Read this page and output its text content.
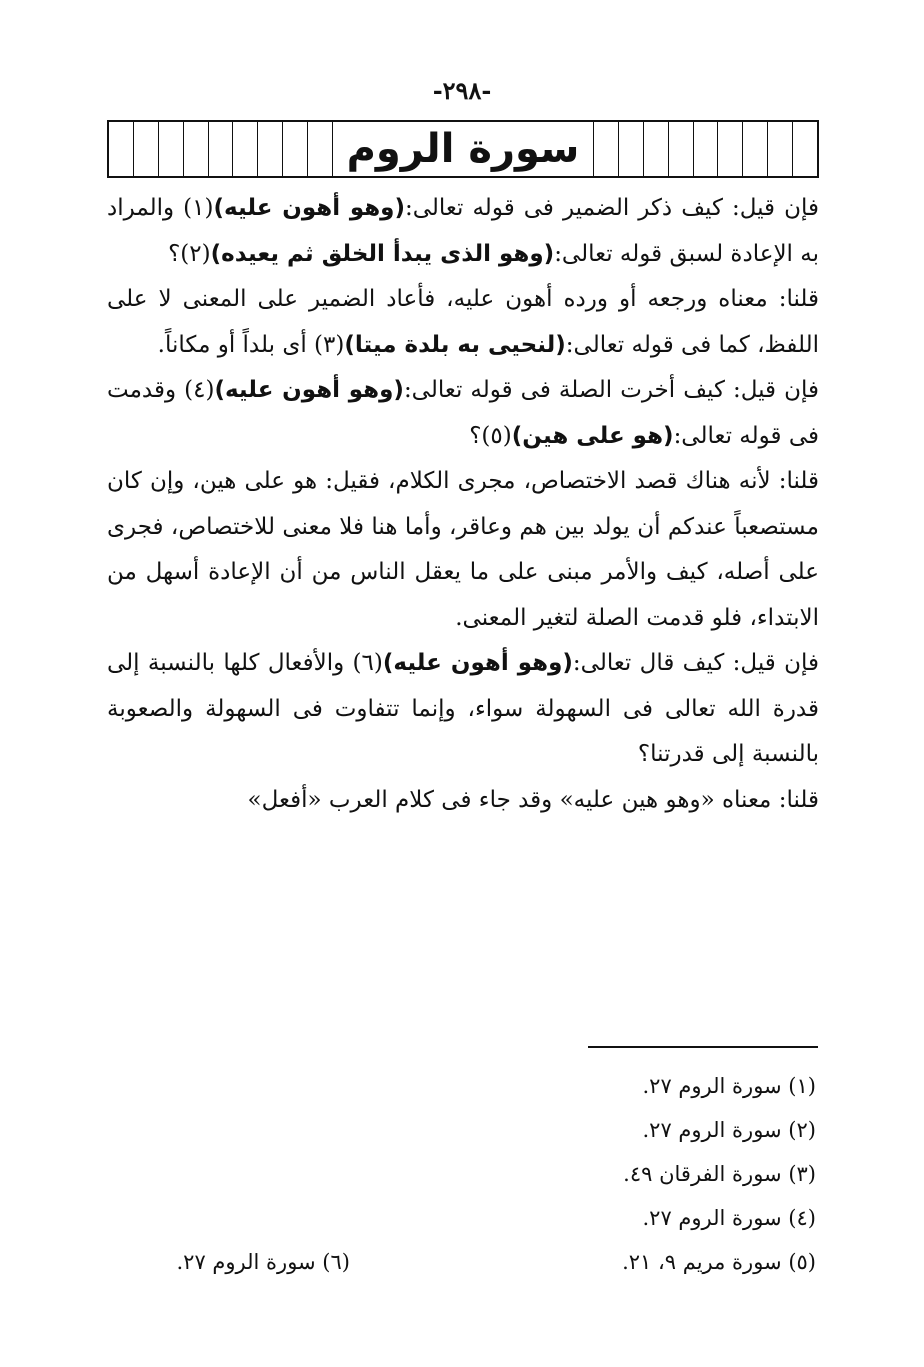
-٢٩٨-
سورة الروم

فإن قيل: كيف ذكر الضمير فى قوله تعالى:(وهو أهون عليه)(١) والمراد به الإعادة لسبق قوله تعالى:(وهو الذى يبدأ الخلق ثم يعيده)(٢)؟

قلنا: معناه ورجعه أو ورده أهون عليه، فأعاد الضمير على المعنى لا على اللفظ، كما فى قوله تعالى:(لنحيى به بلدة ميتا)(٣) أى بلداً أو مكاناً.

فإن قيل: كيف أخرت الصلة فى قوله تعالى:(وهو أهون عليه)(٤) وقدمت فى قوله تعالى:(هو على هين)(٥)؟

قلنا: لأنه هناك قصد الاختصاص، مجرى الكلام، فقيل: هو على هين، وإن كان مستصعباً عندكم أن يولد بين هم وعاقر، وأما هنا فلا معنى للاختصاص، فجرى على أصله، كيف والأمر مبنى على ما يعقل الناس من أن الإعادة أسهل من الابتداء، فلو قدمت الصلة لتغير المعنى.

فإن قيل: كيف قال تعالى:(وهو أهون عليه)(٦) والأفعال كلها بالنسبة إلى قدرة الله تعالى فى السهولة سواء، وإنما تتفاوت فى السهولة والصعوبة بالنسبة إلى قدرتنا؟

قلنا: معناه «وهو هين عليه» وقد جاء فى كلام العرب «أفعل»

(١) سورة الروم ٢٧.
(٢) سورة الروم ٢٧.
(٣) سورة الفرقان ٤٩.
(٤) سورة الروم ٢٧.
(٥) سورة مريم ٩، ٢١.
(٦) سورة الروم ٢٧.
